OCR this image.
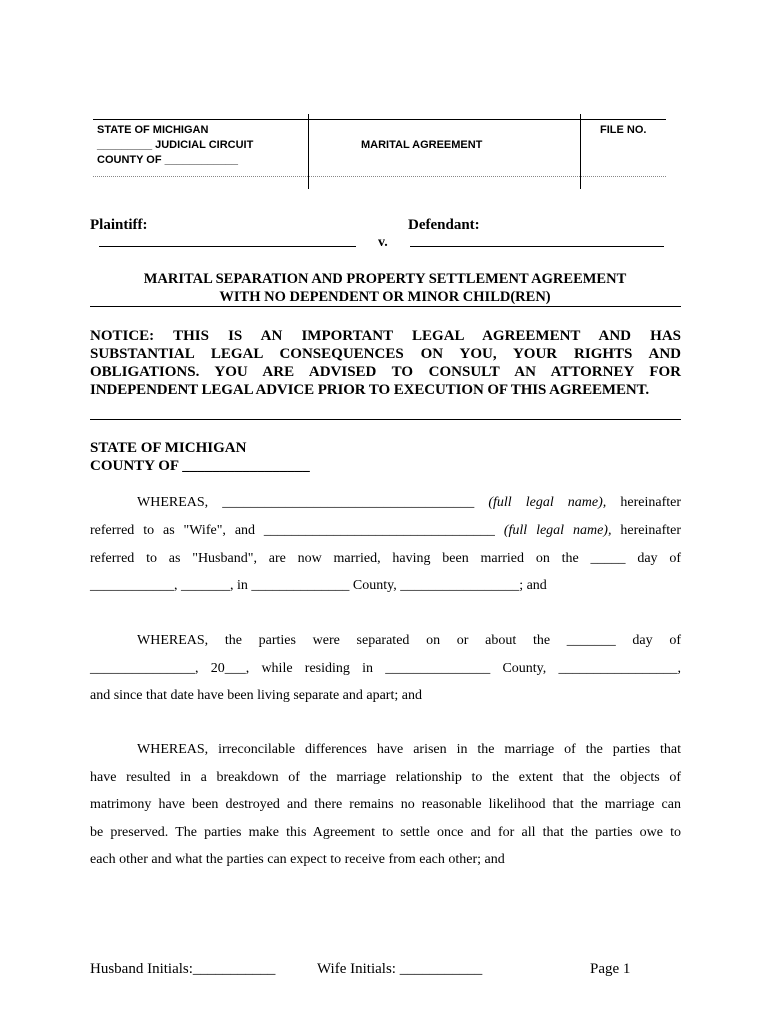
STATE OF MICHIGAN
_________ JUDICIAL CIRCUIT
COUNTY OF ____________
MARITAL AGREEMENT
FILE NO.
Plaintiff:	Defendant:
v.
MARITAL SEPARATION AND PROPERTY SETTLEMENT AGREEMENT
WITH NO DEPENDENT OR MINOR CHILD(REN)
NOTICE: THIS IS AN IMPORTANT LEGAL AGREEMENT AND HAS
SUBSTANTIAL LEGAL CONSEQUENCES ON YOU, YOUR RIGHTS AND
OBLIGATIONS. YOU ARE ADVISED TO CONSULT AN ATTORNEY FOR
INDEPENDENT LEGAL ADVICE PRIOR TO EXECUTION OF THIS AGREEMENT.
STATE OF MICHIGAN
COUNTY OF _________________
WHEREAS, ____________________________________ (full legal name), hereinafter
referred to as "Wife", and _________________________________ (full legal name), hereinafter
referred to as "Husband", are now married, having been married on the _____ day of
____________, _______, in ______________ County, _________________; and
WHEREAS, the parties were separated on or about the _______ day of
_______________, 20___, while residing in _______________ County, _________________,
and since that date have been living separate and apart; and
WHEREAS, irreconcilable differences have arisen in the marriage of the parties that
have resulted in a breakdown of the marriage relationship to the extent that the objects of
matrimony have been destroyed and there remains no reasonable likelihood that the marriage can
be preserved. The parties make this Agreement to settle once and for all that the parties owe to
each other and what the parties can expect to receive from each other; and
Husband Initials:___________	Wife Initials: ___________	Page 1
